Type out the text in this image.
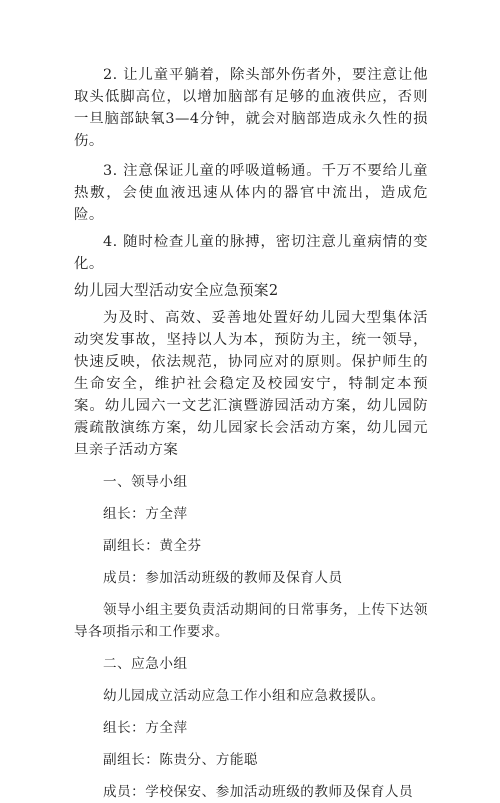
2. 让儿童平躺着，除头部外伤者外，要注意让他取头低脚高位，以增加脑部有足够的血液供应，否则一旦脑部缺氧3—4分钟，就会对脑部造成永久性的损伤。

3. 注意保证儿童的呼吸道畅通。千万不要给儿童热敷，会使血液迅速从体内的器官中流出，造成危险。

4. 随时检查儿童的脉搏，密切注意儿童病情的变化。

幼儿园大型活动安全应急预案2

为及时、高效、妥善地处置好幼儿园大型集体活动突发事故，坚持以人为本，预防为主，统一领导，快速反映，依法规范，协同应对的原则。保护师生的生命安全，维护社会稳定及校园安宁，特制定本预案。幼儿园六一文艺汇演暨游园活动方案，幼儿园防震疏散演练方案，幼儿园家长会活动方案，幼儿园元旦亲子活动方案

一、领导小组

组长：方全萍

副组长：黄全芬

成员：参加活动班级的教师及保育人员

领导小组主要负责活动期间的日常事务，上传下达领导各项指示和工作要求。

二、应急小组

幼儿园成立活动应急工作小组和应急救援队。

组长：方全萍

副组长：陈贵分、方能聪

成员：学校保安、参加活动班级的教师及保育人员
